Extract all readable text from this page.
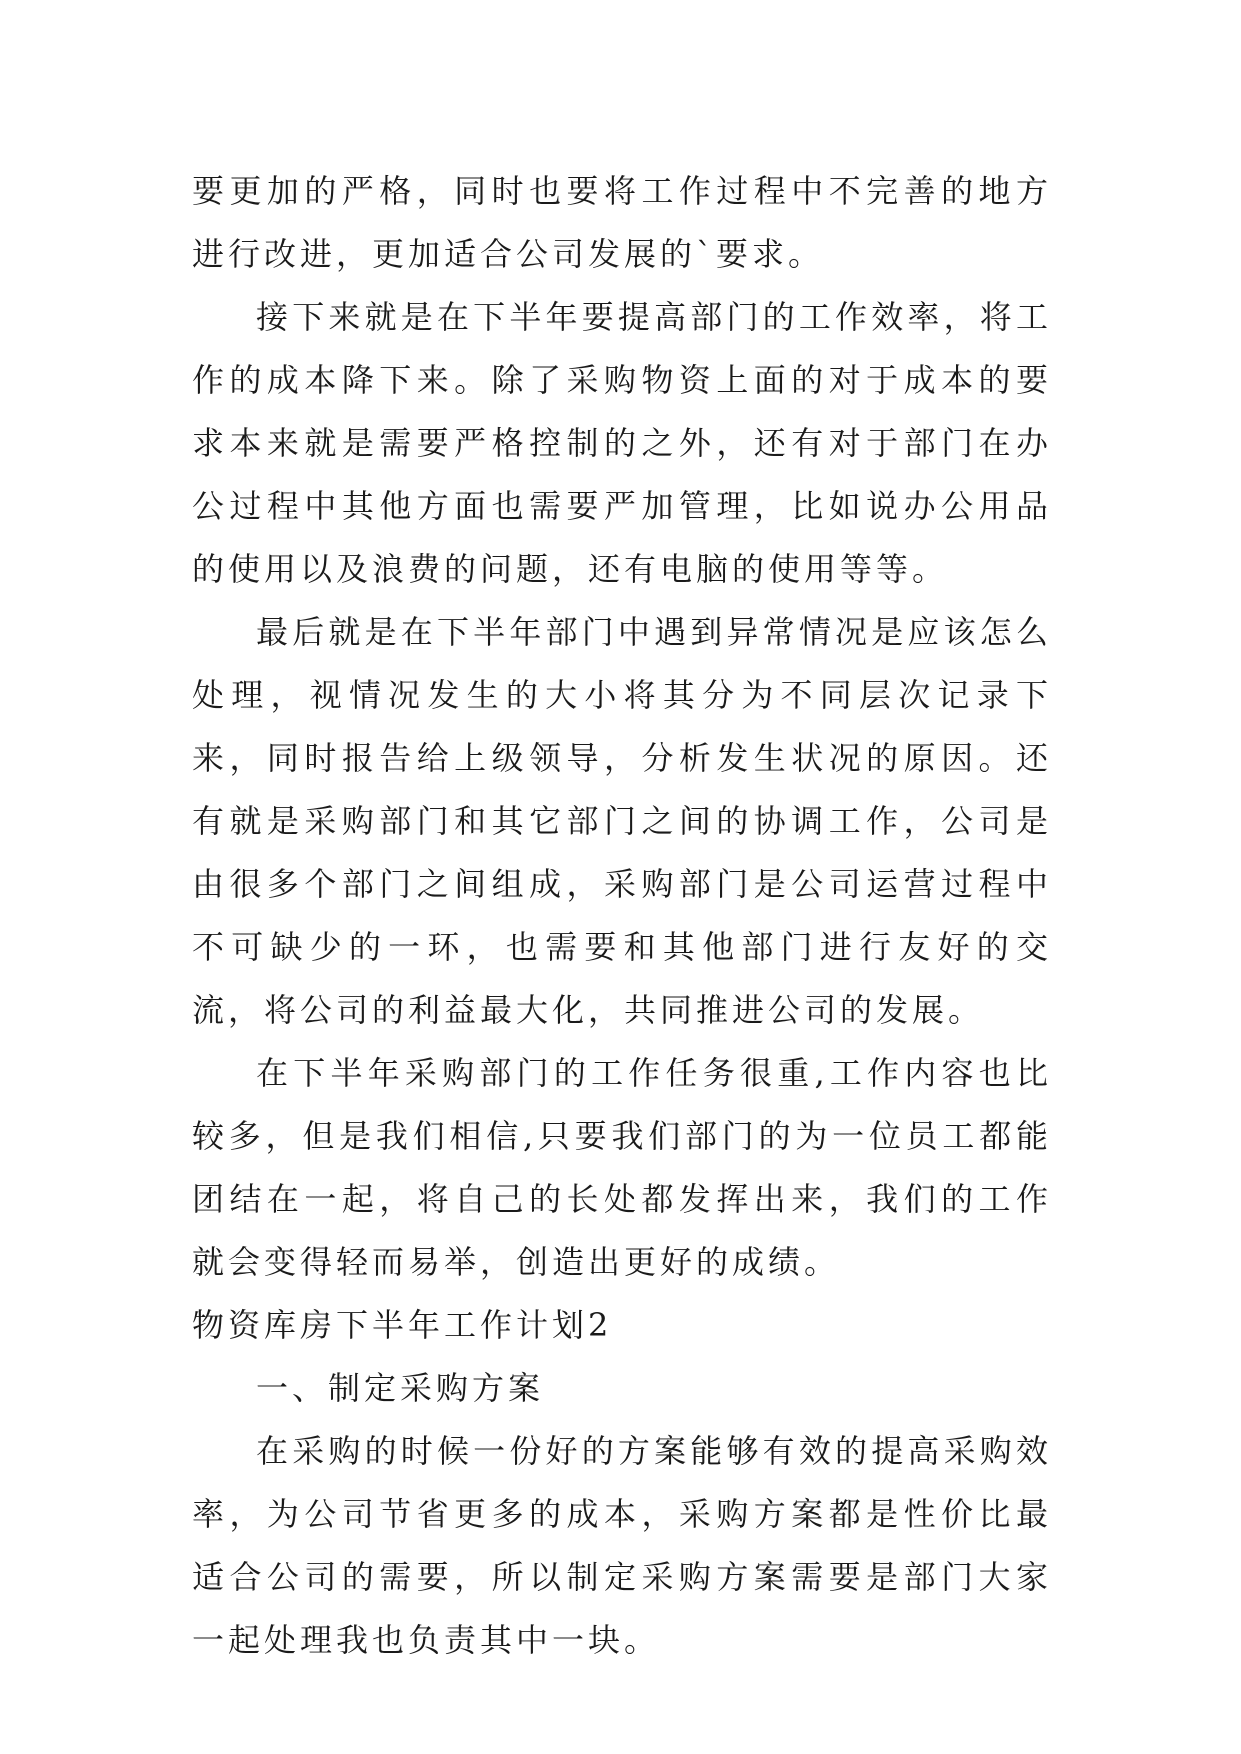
要更加的严格，同时也要将工作过程中不完善的地方进行改进，更加适合公司发展的`要求。

接下来就是在下半年要提高部门的工作效率，将工作的成本降下来。除了采购物资上面的对于成本的要求本来就是需要严格控制的之外，还有对于部门在办公过程中其他方面也需要严加管理，比如说办公用品的使用以及浪费的问题，还有电脑的使用等等。

最后就是在下半年部门中遇到异常情况是应该怎么处理，视情况发生的大小将其分为不同层次记录下来，同时报告给上级领导，分析发生状况的原因。还有就是采购部门和其它部门之间的协调工作，公司是由很多个部门之间组成，采购部门是公司运营过程中不可缺少的一环，也需要和其他部门进行友好的交流，将公司的利益最大化，共同推进公司的发展。

在下半年采购部门的工作任务很重,工作内容也比较多，但是我们相信,只要我们部门的为一位员工都能团结在一起，将自己的长处都发挥出来，我们的工作就会变得轻而易举，创造出更好的成绩。

物资库房下半年工作计划2

一、制定采购方案

在采购的时候一份好的方案能够有效的提高采购效率，为公司节省更多的成本，采购方案都是性价比最适合公司的需要，所以制定采购方案需要是部门大家一起处理我也负责其中一块。
